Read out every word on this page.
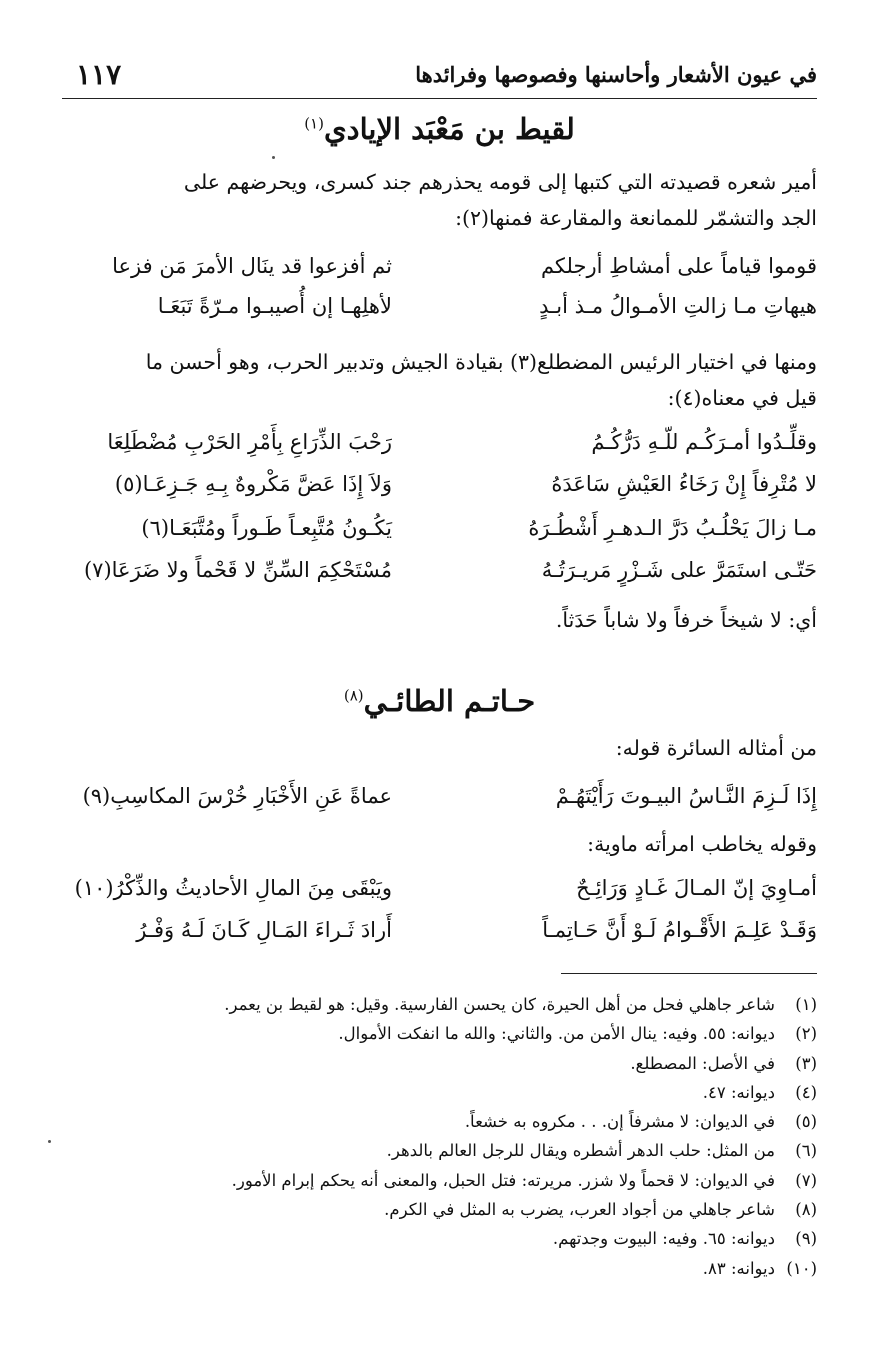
في عيون الأشعار وأحاسنها وفصوصها وفرائدها
١١٧
لقيط بن مَعْبَد الإيادي$^{(١)}$
أمير شعره قصيدته التي كتبها إلى قومه يحذرهم جند كسرى، ويحرضهم على
الجد والتشمّر للممانعة والمقارعة فمنها(٢):
قوموا قياماً على أمشاطِ أرجلكم
ثم أفزعوا قد ينَال الأمرَ مَن فزعا
هيهاتِ مـا زالتِ الأمـوالُ مـذ أبـدٍ
لأهلِهـا إن أُصيبـوا مـرّةً تَبَعَـا
ومنها في اختيار الرئيس المضطلع(٣) بقيادة الجيش وتدبير الحرب، وهو أحسن ما
قيل في معناه(٤):
وقلِّـدُوا أمـرَكُـم للّـهِ دَرُّكُـمُ
رَحْبَ الذِّرَاعِ بِأَمْرِ الحَرْبِ مُضْطَلِعَا
لا مُتْرِفاً إِنْ رَخَاءُ العَيْشِ سَاعَدَهُ
وَلاَ إِذَا عَضَّ مَكْروهٌ بِـهِ جَـزِعَـا(٥)
مـا زالَ يَحْلُـبُ دَرَّ الـدهـرِ أَشْطُـرَهُ
يَكُـونُ مُتَّبِعـاً طَـوراً ومُتَّبَعَـا(٦)
حَتّـى استَمَرَّ على شَـزْرٍ مَريـرَتُـهُ
مُسْتَحْكِمَ السِّنِّ لا قَحْماً ولا ضَرَعَا(٧)
أي: لا شيخاً خرفاً ولا شاباً حَدَثاً.
حـاتـم الطائـي$^{(٨)}$
من أمثاله السائرة قوله:
إِذَا لَـزِمَ النَّـاسُ البيـوتَ رَأَيْتَهُـمْ
عماةً عَنِ الأَخْبَارِ خُرْسَ المكاسِبِ(٩)
وقوله يخاطب امرأته ماوية:
أمـاوِيَ إنّ المـالَ غَـادٍ وَرَائِـحٌ
ويَبْقَى مِنَ المالِ الأحاديثُ والذِّكْرُ(١٠)
وَقَـدْ عَلِـمَ الأَقْـوامُ لَـوْ أَنَّ حَـاتِمـاً
أَرادَ ثَـراءَ المَـالِ كَـانَ لَـهُ وَفْـرُ
(١)شاعر جاهلي فحل من أهل الحيرة، كان يحسن الفارسية. وقيل: هو لقيط بن يعمر.
(٢)ديوانه: ٥٥. وفيه: ينال الأمن من. والثاني: والله ما انفكت الأموال.
(٣)في الأصل: المصطلع.
(٤)ديوانه: ٤٧.
(٥)في الديوان: لا مشرفاً إن. . . مكروه به خشعاً.
(٦)من المثل: حلب الدهر أشطره ويقال للرجل العالم بالدهر.
(٧)في الديوان: لا قحماً ولا شزر. مريرته: فتل الحبل، والمعنى أنه يحكم إبرام الأمور.
(٨)شاعر جاهلي من أجواد العرب، يضرب به المثل في الكرم.
(٩)ديوانه: ٦٥. وفيه: البيوت وجدتهم.
(١٠)ديوانه: ٨٣.
